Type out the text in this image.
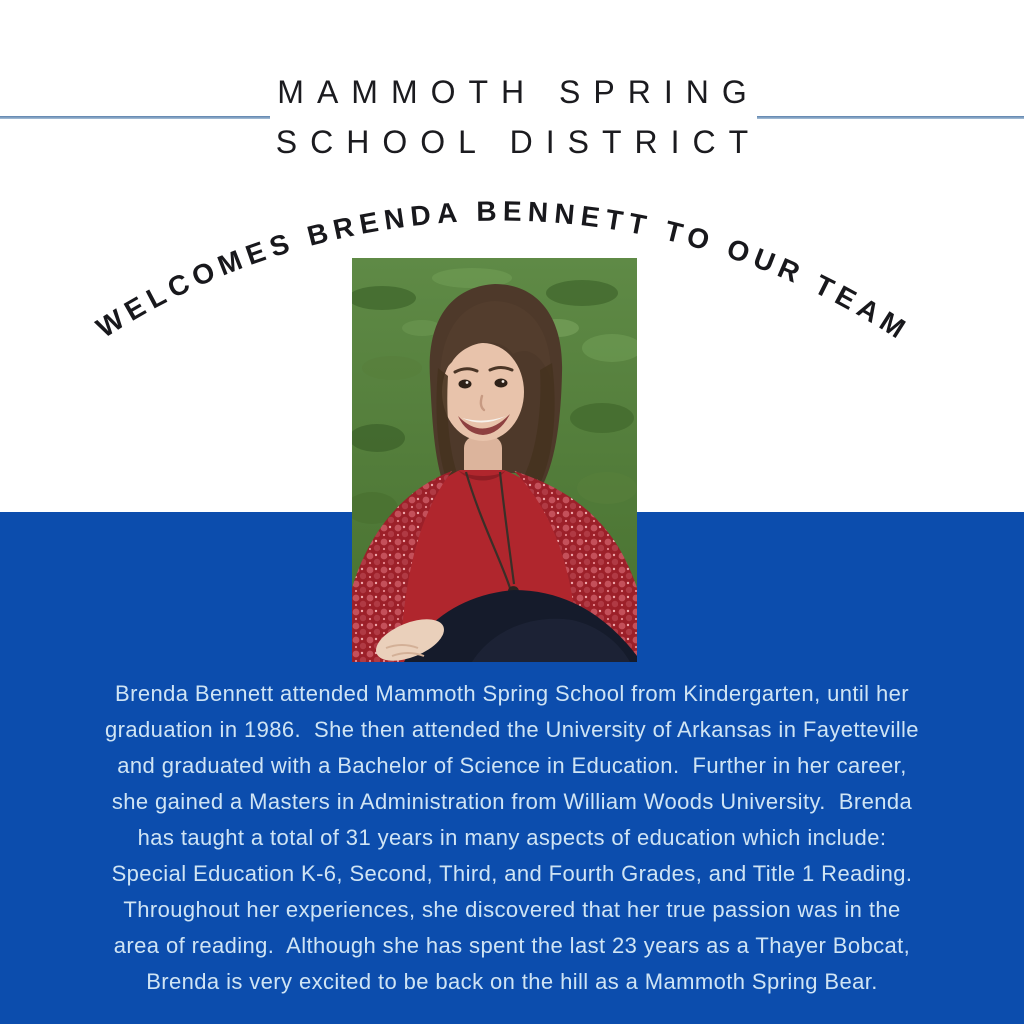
MAMMOTH SPRING
SCHOOL DISTRICT
WELCOMES BRENDA BENNETT TO OUR TEAM
Brenda Bennett attended Mammoth Spring School from Kindergarten, until her
graduation in 1986.  She then attended the University of Arkansas in Fayetteville
and graduated with a Bachelor of Science in Education.  Further in her career,
she gained a Masters in Administration from William Woods University.  Brenda
has taught a total of 31 years in many aspects of education which include:
Special Education K-6, Second, Third, and Fourth Grades, and Title 1 Reading.
Throughout her experiences, she discovered that her true passion was in the
area of reading.  Although she has spent the last 23 years as a Thayer Bobcat,
Brenda is very excited to be back on the hill as a Mammoth Spring Bear.
